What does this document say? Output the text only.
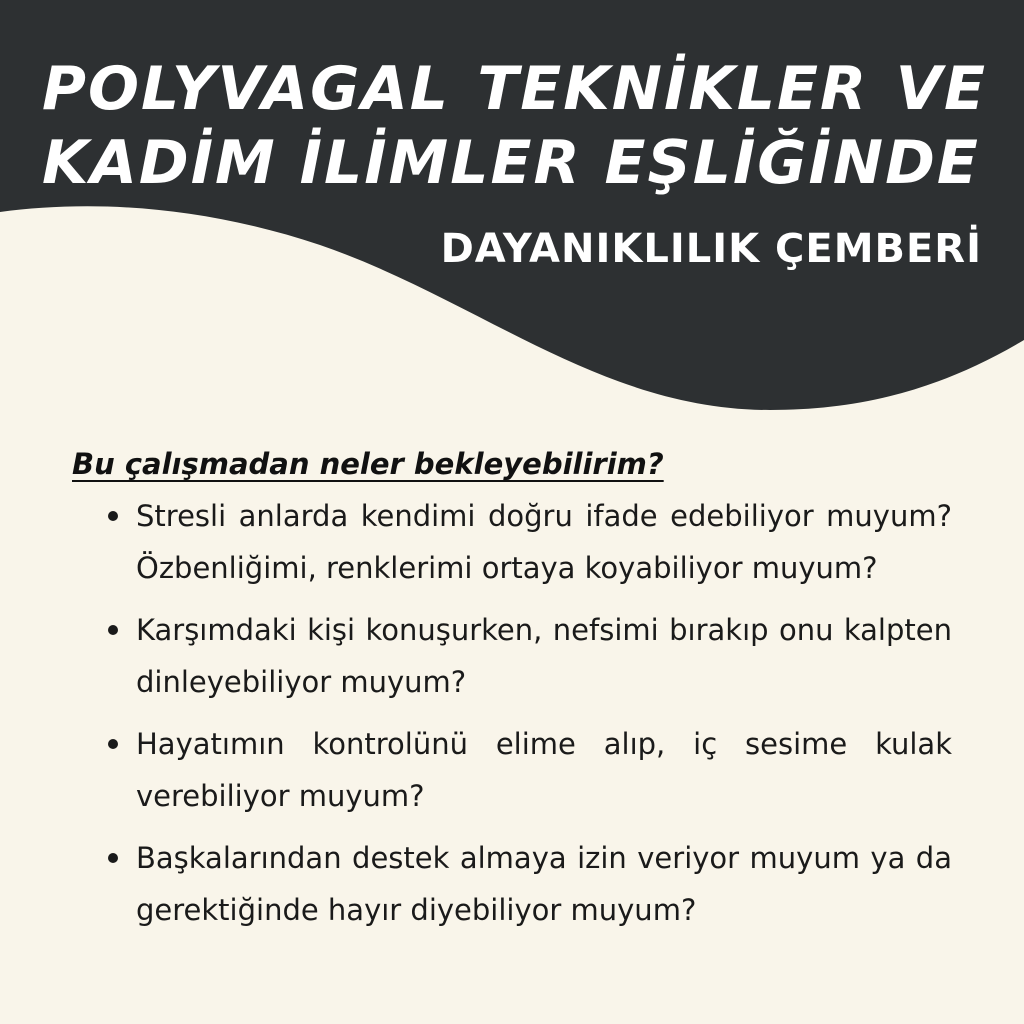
POLYVAGAL TEKNİKLER VE
KADİM İLİMLER EŞLİĞİNDE
DAYANIKLILIK ÇEMBERİ

Bu çalışmadan neler bekleyebilirim?

Stresli anlarda kendimi doğru ifade edebiliyor muyum? Özbenliğimi, renklerimi ortaya koyabiliyor muyum?
Karşımdaki kişi konuşurken, nefsimi bırakıp onu kalpten dinleyebiliyor muyum?
Hayatımın kontrolünü elime alıp, iç sesime kulak verebiliyor muyum?
Başkalarından destek almaya izin veriyor muyum ya da gerektiğinde hayır diyebiliyor muyum?
